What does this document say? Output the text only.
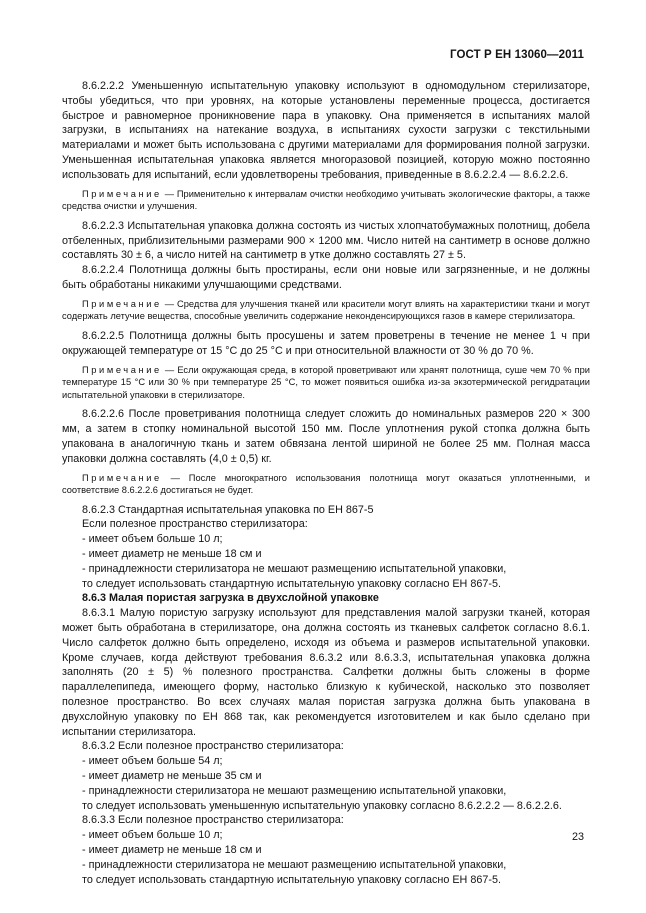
ГОСТ Р ЕН 13060—2011

8.6.2.2.2 Уменьшенную испытательную упаковку используют в одномодульном стерилизаторе, чтобы убедиться, что при уровнях, на которые установлены переменные процесса, достигается быстрое и равномерное проникновение пара в упаковку. Она применяется в испытаниях малой загрузки, в испытаниях на натекание воздуха, в испытаниях сухости загрузки с текстильными материалами и может быть использована с другими материалами для формирования полной загрузки. Уменьшенная испытательная упаковка является многоразовой позицией, которую можно постоянно использовать для испытаний, если удовлетворены требования, приведенные в 8.6.2.2.4 — 8.6.2.2.6.

Примечание — Применительно к интервалам очистки необходимо учитывать экологические факторы, а также средства очистки и улучшения.

8.6.2.2.3 Испытательная упаковка должна состоять из чистых хлопчатобумажных полотнищ, добела отбеленных, приблизительными размерами 900 × 1200 мм. Число нитей на сантиметр в основе должно составлять 30 ± 6, а число нитей на сантиметр в утке должно составлять 27 ± 5.

8.6.2.2.4 Полотнища должны быть простираны, если они новые или загрязненные, и не должны быть обработаны никакими улучшающими средствами.

Примечание — Средства для улучшения тканей или красители могут влиять на характеристики ткани и могут содержать летучие вещества, способные увеличить содержание неконденсирующихся газов в камере стерилизатора.

8.6.2.2.5 Полотнища должны быть просушены и затем проветрены в течение не менее 1 ч при окружающей температуре от 15 °С до 25 °С и при относительной влажности от 30 % до 70 %.

Примечание — Если окружающая среда, в которой проветривают или хранят полотнища, суше чем 70 % при температуре 15 °С или 30 % при температуре 25 °С, то может появиться ошибка из-за экзотермической регидратации испытательной упаковки в стерилизаторе.

8.6.2.2.6 После проветривания полотнища следует сложить до номинальных размеров 220 × 300 мм, а затем в стопку номинальной высотой 150 мм. После уплотнения рукой стопка должна быть упакована в аналогичную ткань и затем обвязана лентой шириной не более 25 мм. Полная масса упаковки должна составлять (4,0 ± 0,5) кг.

Примечание — После многократного использования полотнища могут оказаться уплотненными, и соответствие 8.6.2.2.6 достигаться не будет.

8.6.2.3 Стандартная испытательная упаковка по ЕН 867-5

Если полезное пространство стерилизатора:

- имеет объем больше 10 л;

- имеет диаметр не меньше 18 см и

- принадлежности стерилизатора не мешают размещению испытательной упаковки,

то следует использовать стандартную испытательную упаковку согласно ЕН 867-5.

8.6.3 Малая пористая загрузка в двухслойной упаковке

8.6.3.1 Малую пористую загрузку используют для представления малой загрузки тканей, которая может быть обработана в стерилизаторе, она должна состоять из тканевых салфеток согласно 8.6.1. Число салфеток должно быть определено, исходя из объема и размеров испытательной упаковки. Кроме случаев, когда действуют требования 8.6.3.2 или 8.6.3.3, испытательная упаковка должна заполнять (20 ± 5) % полезного пространства. Салфетки должны быть сложены в форме параллелепипеда, имеющего форму, настолько близкую к кубической, насколько это позволяет полезное пространство. Во всех случаях малая пористая загрузка должна быть упакована в двухслойную упаковку по ЕН 868 так, как рекомендуется изготовителем и как было сделано при испытании стерилизатора.

8.6.3.2 Если полезное пространство стерилизатора:

- имеет объем больше 54 л;

- имеет диаметр не меньше 35 см и

- принадлежности стерилизатора не мешают размещению испытательной упаковки,

то следует использовать уменьшенную испытательную упаковку согласно 8.6.2.2.2 — 8.6.2.2.6.

8.6.3.3 Если полезное пространство стерилизатора:

- имеет объем больше 10 л;

- имеет диаметр не меньше 18 см и

- принадлежности стерилизатора не мешают размещению испытательной упаковки,

то следует использовать стандартную испытательную упаковку согласно ЕН 867-5.

23
